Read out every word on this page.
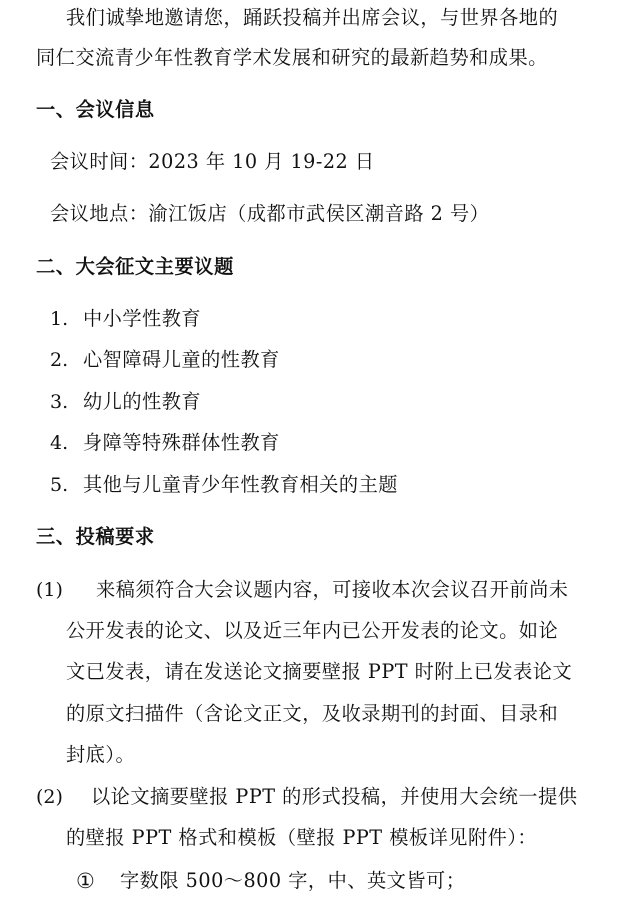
我们诚挚地邀请您，踊跃投稿并出席会议，与世界各地的
同仁交流青少年性教育学术发展和研究的最新趋势和成果。
一、会议信息
会议时间：2023 年 10 月 19-22 日
会议地点：渝江饭店（成都市武侯区潮音路 2 号）
二、大会征文主要议题
1. 中小学性教育
2. 心智障碍儿童的性教育
3. 幼儿的性教育
4. 身障等特殊群体性教育
5. 其他与儿童青少年性教育相关的主题
三、投稿要求
(1) 来稿须符合大会议题内容，可接收本次会议召开前尚未
公开发表的论文、以及近三年内已公开发表的论文。如论
文已发表，请在发送论文摘要壁报 PPT 时附上已发表论文
的原文扫描件（含论文正文，及收录期刊的封面、目录和
封底）。
(2) 以论文摘要壁报 PPT 的形式投稿，并使用大会统一提供
的壁报 PPT 格式和模板（壁报 PPT 模板详见附件）：
① 字数限 500～800 字，中、英文皆可；
